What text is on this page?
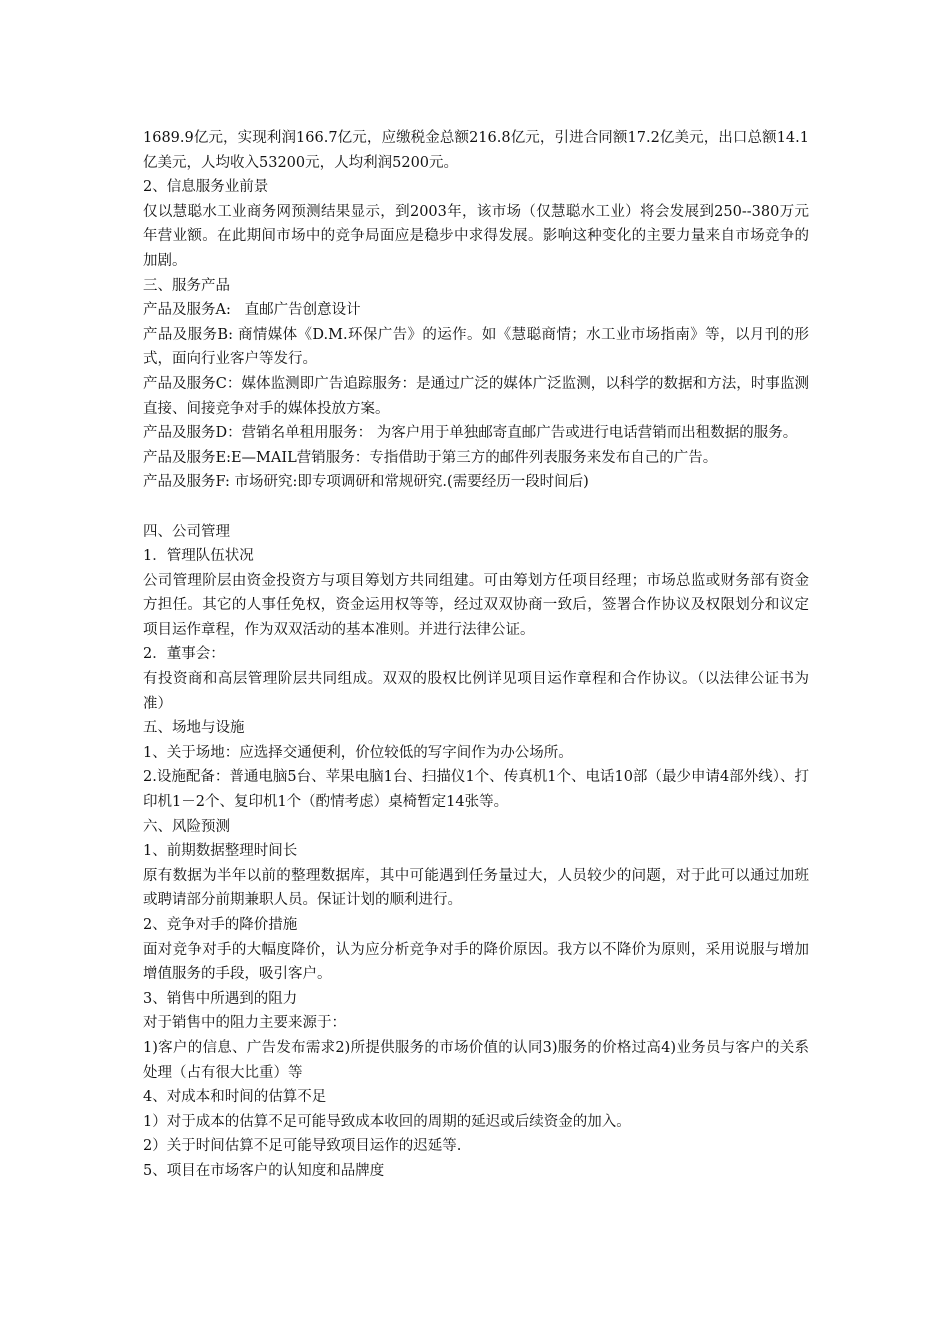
1689.9亿元，实现利润166.7亿元，应缴税金总额216.8亿元，引进合同额17.2亿美元，出口总额14.1亿美元，人均收入53200元，人均利润5200元。

2、信息服务业前景

仅以慧聪水工业商务网预测结果显示，到2003年，该市场（仅慧聪水工业）将会发展到250--380万元年营业额。在此期间市场中的竞争局面应是稳步中求得发展。影响这种变化的主要力量来自市场竞争的加剧。

三、服务产品

产品及服务A:   直邮广告创意设计

产品及服务B: 商情媒体《D.M.环保广告》的运作。如《慧聪商情；水工业市场指南》等，以月刊的形式，面向行业客户等发行。

产品及服务C：媒体监测即广告追踪服务：是通过广泛的媒体广泛监测，以科学的数据和方法，时事监测直接、间接竞争对手的媒体投放方案。

产品及服务D：营销名单租用服务： 为客户用于单独邮寄直邮广告或进行电话营销而出租数据的服务。

产品及服务E:E—MAIL营销服务：专指借助于第三方的邮件列表服务来发布自己的广告。

产品及服务F: 市场研究:即专项调研和常规研究.(需要经历一段时间后)

四、公司管理

1．管理队伍状况

公司管理阶层由资金投资方与项目筹划方共同组建。可由筹划方任项目经理；市场总监或财务部有资金方担任。其它的人事任免权，资金运用权等等，经过双双协商一致后，签署合作协议及权限划分和议定项目运作章程，作为双双活动的基本准则。并进行法律公证。

2．董事会：

有投资商和高层管理阶层共同组成。双双的股权比例详见项目运作章程和合作协议。（以法律公证书为准）

五、场地与设施

1、关于场地：应选择交通便利，价位较低的写字间作为办公场所。

2.设施配备：普通电脑5台、苹果电脑1台、扫描仪1个、传真机1个、电话10部（最少申请4部外线）、打印机1－2个、复印机1个（酌情考虑）桌椅暂定14张等。

六、风险预测

1、前期数据整理时间长

原有数据为半年以前的整理数据库，其中可能遇到任务量过大，人员较少的问题，对于此可以通过加班或聘请部分前期兼职人员。保证计划的顺利进行。

2、竞争对手的降价措施

面对竞争对手的大幅度降价，认为应分析竞争对手的降价原因。我方以不降价为原则，采用说服与增加增值服务的手段，吸引客户。

3、销售中所遇到的阻力

对于销售中的阻力主要来源于：

1)客户的信息、广告发布需求2)所提供服务的市场价值的认同3)服务的价格过高4)业务员与客户的关系处理（占有很大比重）等

4、对成本和时间的估算不足

1）对于成本的估算不足可能导致成本收回的周期的延迟或后续资金的加入。

2）关于时间估算不足可能导致项目运作的迟延等.

5、项目在市场客户的认知度和品牌度
